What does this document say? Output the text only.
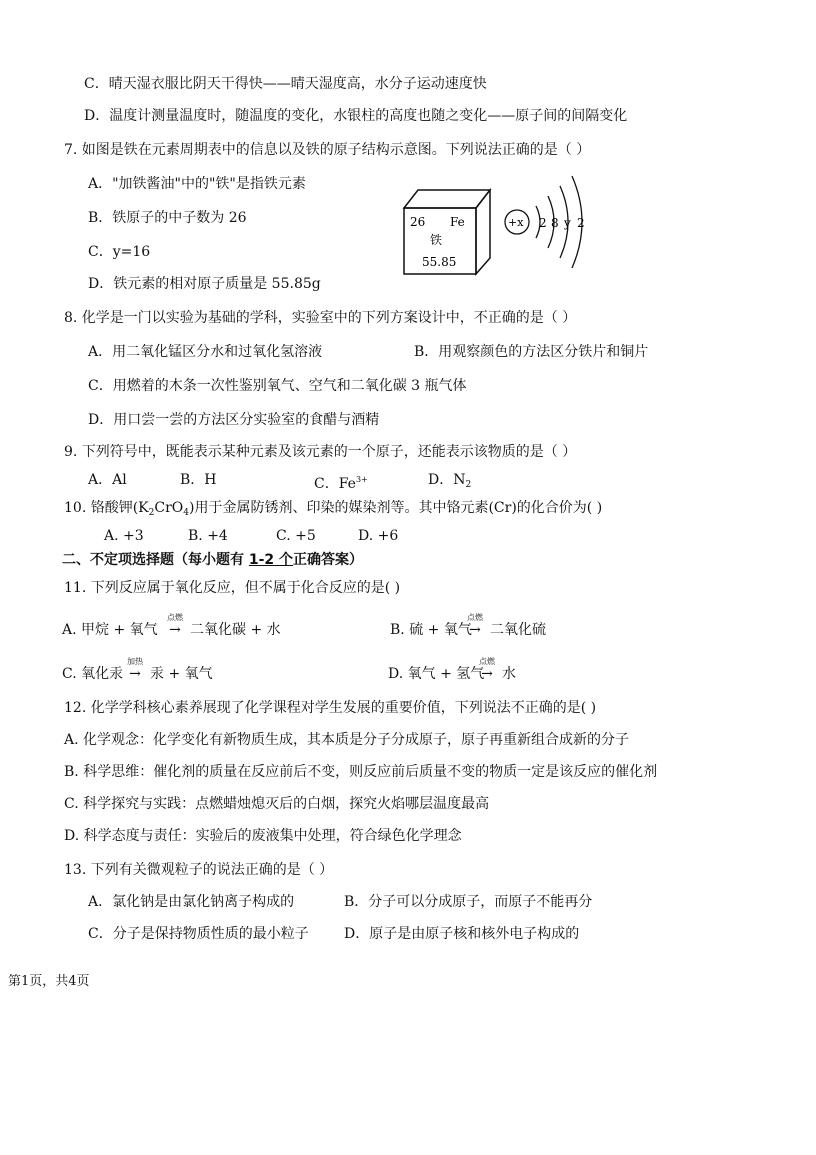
C．晴天湿衣服比阴天干得快——晴天湿度高，水分子运动速度快
D．温度计测量温度时，随温度的变化，水银柱的高度也随之变化——原子间的间隔变化
7. 如图是铁在元素周期表中的信息以及铁的原子结构示意图。下列说法正确的是（ ）
A．"加铁酱油"中的"铁"是指铁元素
B．铁原子的中子数为 26
C．y=16
D．铁元素的相对原子质量是 55.85g
26 Fe
铁
55.85
+x 2 8 y 2
8. 化学是一门以实验为基础的学科，实验室中的下列方案设计中，不正确的是（ ）
A．用二氧化锰区分水和过氧化氢溶液	B．用观察颜色的方法区分铁片和铜片
C．用燃着的木条一次性鉴别氧气、空气和二氧化碳 3 瓶气体
D．用口尝一尝的方法区分实验室的食醋与酒精
9. 下列符号中，既能表示某种元素及该元素的一个原子，还能表示该物质的是（ ）
A．Al	B．H	C．$Fe^{3+}$	D．$N_2$
10. 铬酸钾$(K_2CrO_4)$用于金属防锈剂、印染的媒染剂等。其中铬元素(Cr)的化合价为( )
A. +3	B. +4	C. +5	D. +6
二、不定项选择题（每小题有 1-2 个正确答案）
11. 下列反应属于氧化反应，但不属于化合反应的是( )
A. 甲烷 + 氧气
点燃
→ 二氧化碳 + 水	B. 硫 + 氧气
点燃
→ 二氧化硫
C. 氧化汞
加热
→ 汞 + 氧气	D. 氧气 + 氢气
点燃
→ 水
12. 化学学科核心素养展现了化学课程对学生发展的重要价值，下列说法不正确的是( )
A. 化学观念：化学变化有新物质生成，其本质是分子分成原子，原子再重新组合成新的分子
B. 科学思维：催化剂的质量在反应前后不变，则反应前后质量不变的物质一定是该反应的催化剂
C. 科学探究与实践：点燃蜡烛熄灭后的白烟，探究火焰哪层温度最高
D. 科学态度与责任：实验后的废液集中处理，符合绿色化学理念
13. 下列有关微观粒子的说法正确的是（ ）
A．氯化钠是由氯化钠离子构成的	B．分子可以分成原子，而原子不能再分
C．分子是保持物质性质的最小粒子	D．原子是由原子核和核外电子构成的
第1页，共4页
